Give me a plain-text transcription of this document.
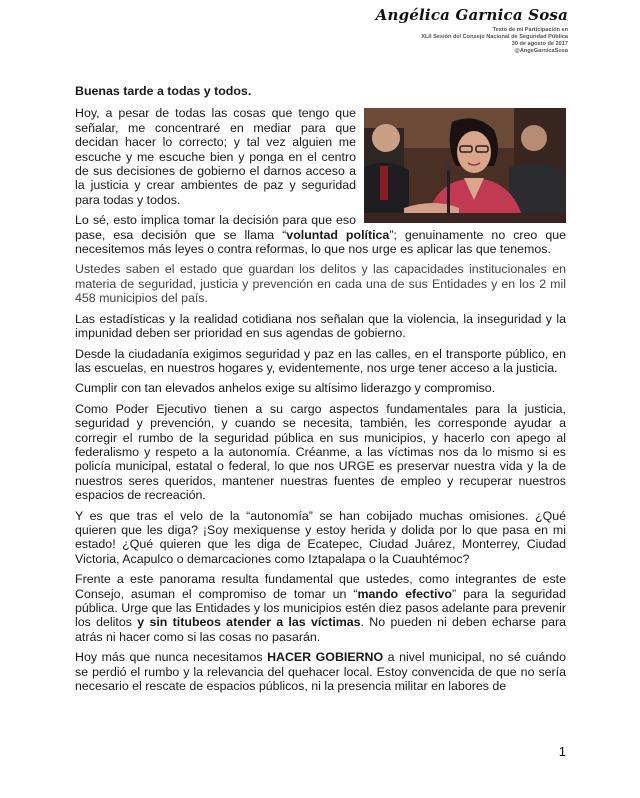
Angélica Garnica Sosa
Texto de mi Participación en
XLII Sesión del Consejo Nacional de Seguridad Pública
30 de agosto de 2017
@AngeGarnicaSosa
Buenas tarde a todas y todos.

Hoy, a pesar de todas las cosas que tengo que señalar, me concentraré en mediar para que decidan hacer lo correcto; y tal vez alguien me escuche y me escuche bien y ponga en el centro de sus decisiones de gobierno el darnos acceso a la justicia y crear ambientes de paz y seguridad para todas y todos.

Lo sé, esto implica tomar la decisión para que eso pase, esa decisión que se llama “voluntad política”; genuinamente no creo que necesitemos más leyes o contra reformas, lo que nos urge es aplicar las que tenemos.

Ustedes saben el estado que guardan los delitos y las capacidades institucionales en materia de seguridad, justicia y prevención en cada una de sus Entidades y en los 2 mil 458 municipios del país.

Las estadísticas y la realidad cotidiana nos señalan que la violencia, la inseguridad y la impunidad deben ser prioridad en sus agendas de gobierno.

Desde la ciudadanía exigimos seguridad y paz en las calles, en el transporte público, en las escuelas, en nuestros hogares y, evidentemente, nos urge tener acceso a la justicia.

Cumplir con tan elevados anhelos exige su altísimo liderazgo y compromiso.

Como Poder Ejecutivo tienen a su cargo aspectos fundamentales para la justicia, seguridad y prevención, y cuando se necesita, también, les corresponde ayudar a corregir el rumbo de la seguridad pública en sus municipios, y hacerlo con apego al federalismo y respeto a la autonomía. Créanme, a las víctimas nos da lo mismo si es policía municipal, estatal o federal, lo que nos URGE es preservar nuestra vida y la de nuestros seres queridos, mantener nuestras fuentes de empleo y recuperar nuestros espacios de recreación.

Y es que tras el velo de la “autonomía” se han cobijado muchas omisiones. ¿Qué quieren que les diga? ¡Soy mexiquense y estoy herida y dolida por lo que pasa en mi estado! ¿Qué quieren que les diga de Ecatepec, Ciudad Juárez, Monterrey, Ciudad Victoria, Acapulco o demarcaciones como Iztapalapa o la Cuauhtémoc?

Frente a este panorama resulta fundamental que ustedes, como integrantes de este Consejo, asuman el compromiso de tomar un “mando efectivo” para la seguridad pública. Urge que las Entidades y los municipios estén diez pasos adelante para prevenir los delitos y sin titubeos atender a las víctimas. No pueden ni deben echarse para atrás ni hacer como si las cosas no pasarán.

Hoy más que nunca necesitamos HACER GOBIERNO a nivel municipal, no sé cuándo se perdió el rumbo y la relevancia del quehacer local. Estoy convencida de que no sería necesario el rescate de espacios públicos, ni la presencia militar en labores de

1
